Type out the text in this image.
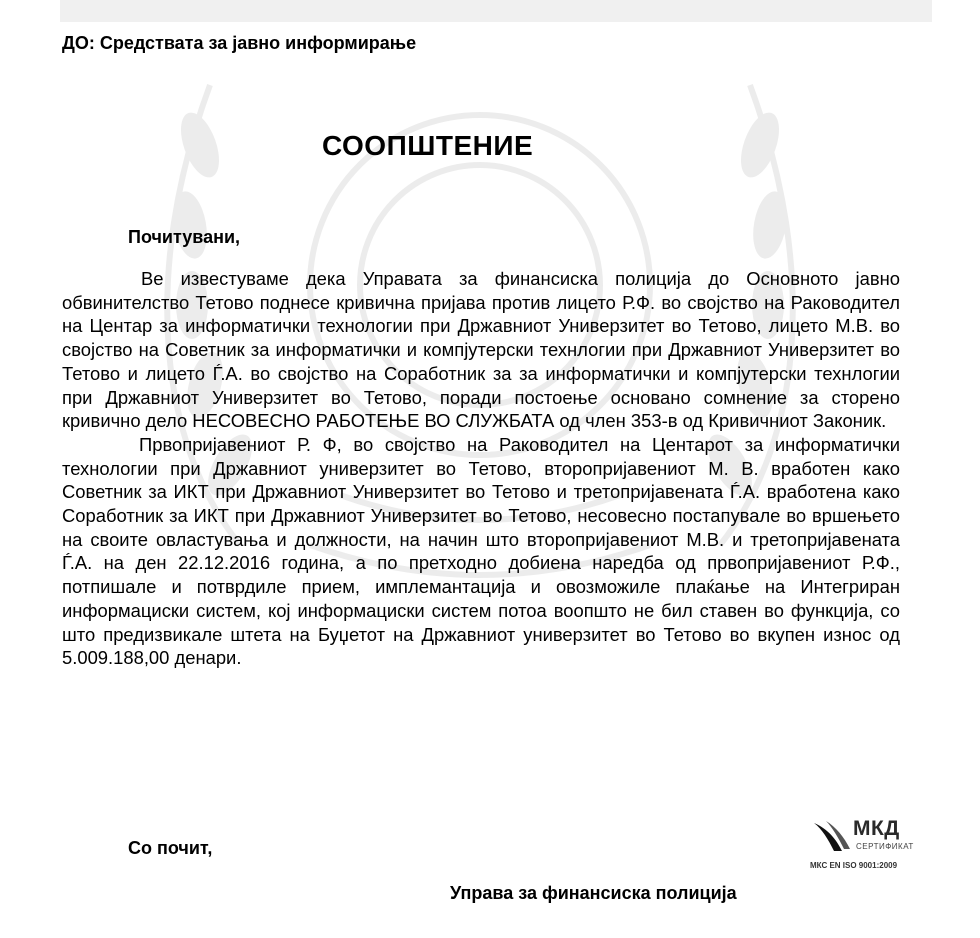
ДО: Средствата за јавно информирање
СООПШТЕНИЕ

Почитувани,

Ве известуваме дека Управата за финансиска полиција до Основното јавно обвинителство Тетово поднесе кривична пријава против лицето Р.Ф. во својство на Раководител на Центар за информатички технологии при Државниот Универзитет во Тетово, лицето М.В. во својство на Советник за информатички и компјутерски технлогии при Државниот Универзитет во Тетово и лицето Ѓ.А. во својство на Соработник за за информатички и компјутерски технлогии при Државниот Универзитет во Тетово, поради постоење основано сомнение за сторено кривично дело НЕСОВЕСНО РАБОТЕЊЕ ВО СЛУЖБАТА од член 353-в од Кривичниот Законик.

Првопријавениот Р. Ф, во својство на Раководител на Центарот за информатички технологии при Државниот универзитет во Тетово, второпријавениот М. В. вработен како Советник за ИКТ при Државниот Универзитет во Тетово и третопријавената Ѓ.А. вработена како Соработник за ИКТ при Државниот Универзитет во Тетово, несовесно постапувале во вршењето на своите овластувања и должности, на начин што второпријавениот М.В. и третопријавената Ѓ.А. на ден 22.12.2016 година, а по претходно добиена наредба од првопријавениот Р.Ф., потпишале и потврдиле прием, имплемантација и овозможиле плаќање на Интегриран информациски систем, кој информациски систем потоа воопшто не бил ставен во функција, со што предизвикале штета на Буџетот на Државниот универзитет во Тетово во вкупен износ од 5.009.188,00 денари.

Со почит,

МКД
СЕРТИФИКАТ
МКС EN ISO 9001:2009

Управа за финансиска полиција
